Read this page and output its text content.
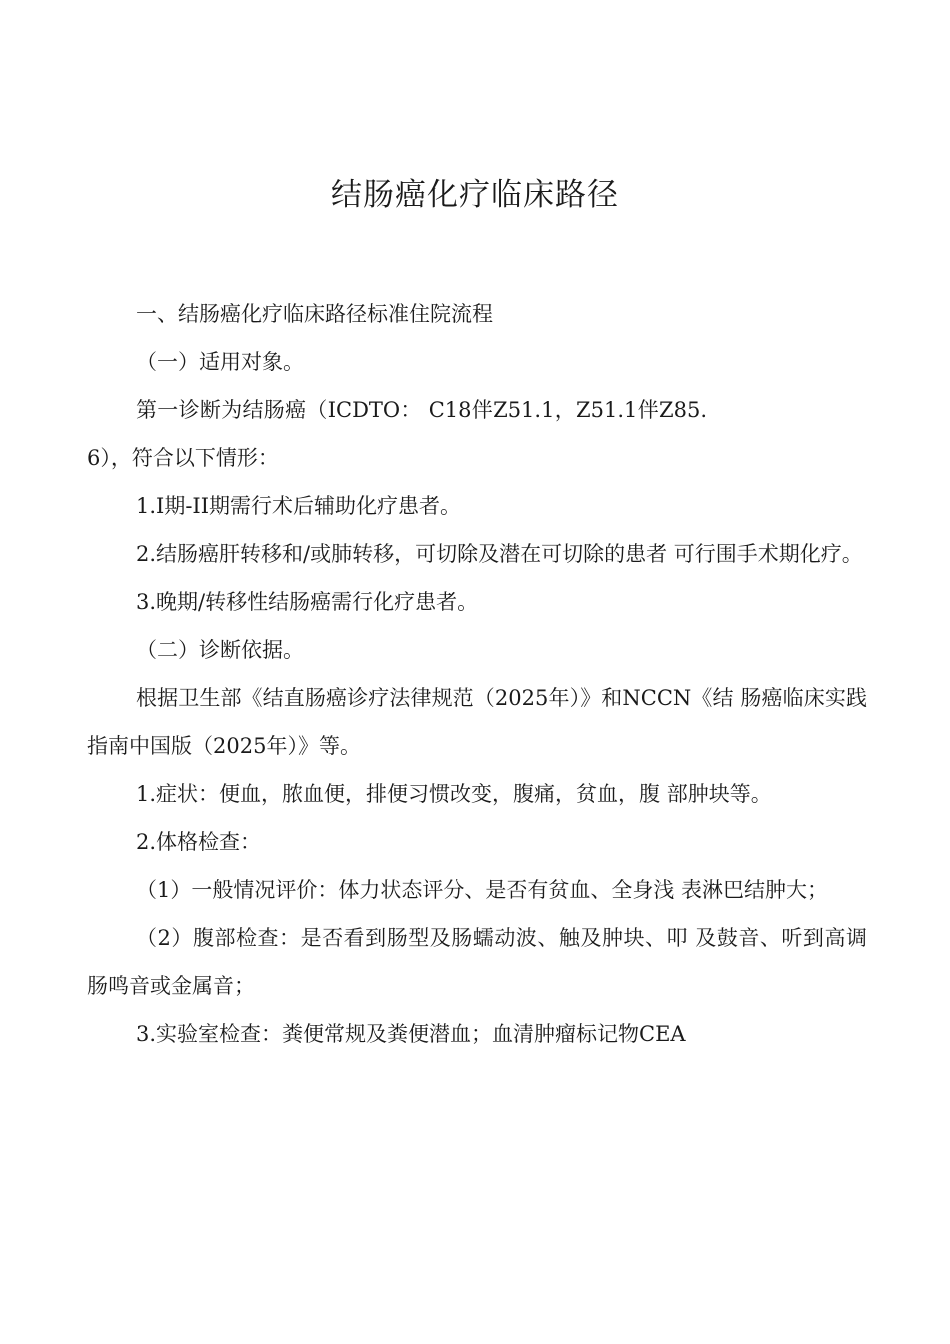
结肠癌化疗临床路径

一、结肠癌化疗临床路径标准住院流程

（一）适用对象。

第一诊断为结肠癌（ICDTO： C18伴Z51.1，Z51.1伴Z85.6），符合以下情形：

1.I期-II期需行术后辅助化疗患者。

2.结肠癌肝转移和/或肺转移，可切除及潜在可切除的患者 可行围手术期化疗。

3.晚期/转移性结肠癌需行化疗患者。

（二）诊断依据。

根据卫生部《结直肠癌诊疗法律规范（2025年）》和NCCN《结 肠癌临床实践指南中国版（2025年）》等。

1.症状：便血，脓血便，排便习惯改变，腹痛，贫血，腹 部肿块等。

2.体格检查：

（1）一般情况评价：体力状态评分、是否有贫血、全身浅 表淋巴结肿大；

（2）腹部检查：是否看到肠型及肠蠕动波、触及肿块、叩 及鼓音、听到高调肠鸣音或金属音；

3.实验室检查：粪便常规及粪便潜血；血清肿瘤标记物CEA
